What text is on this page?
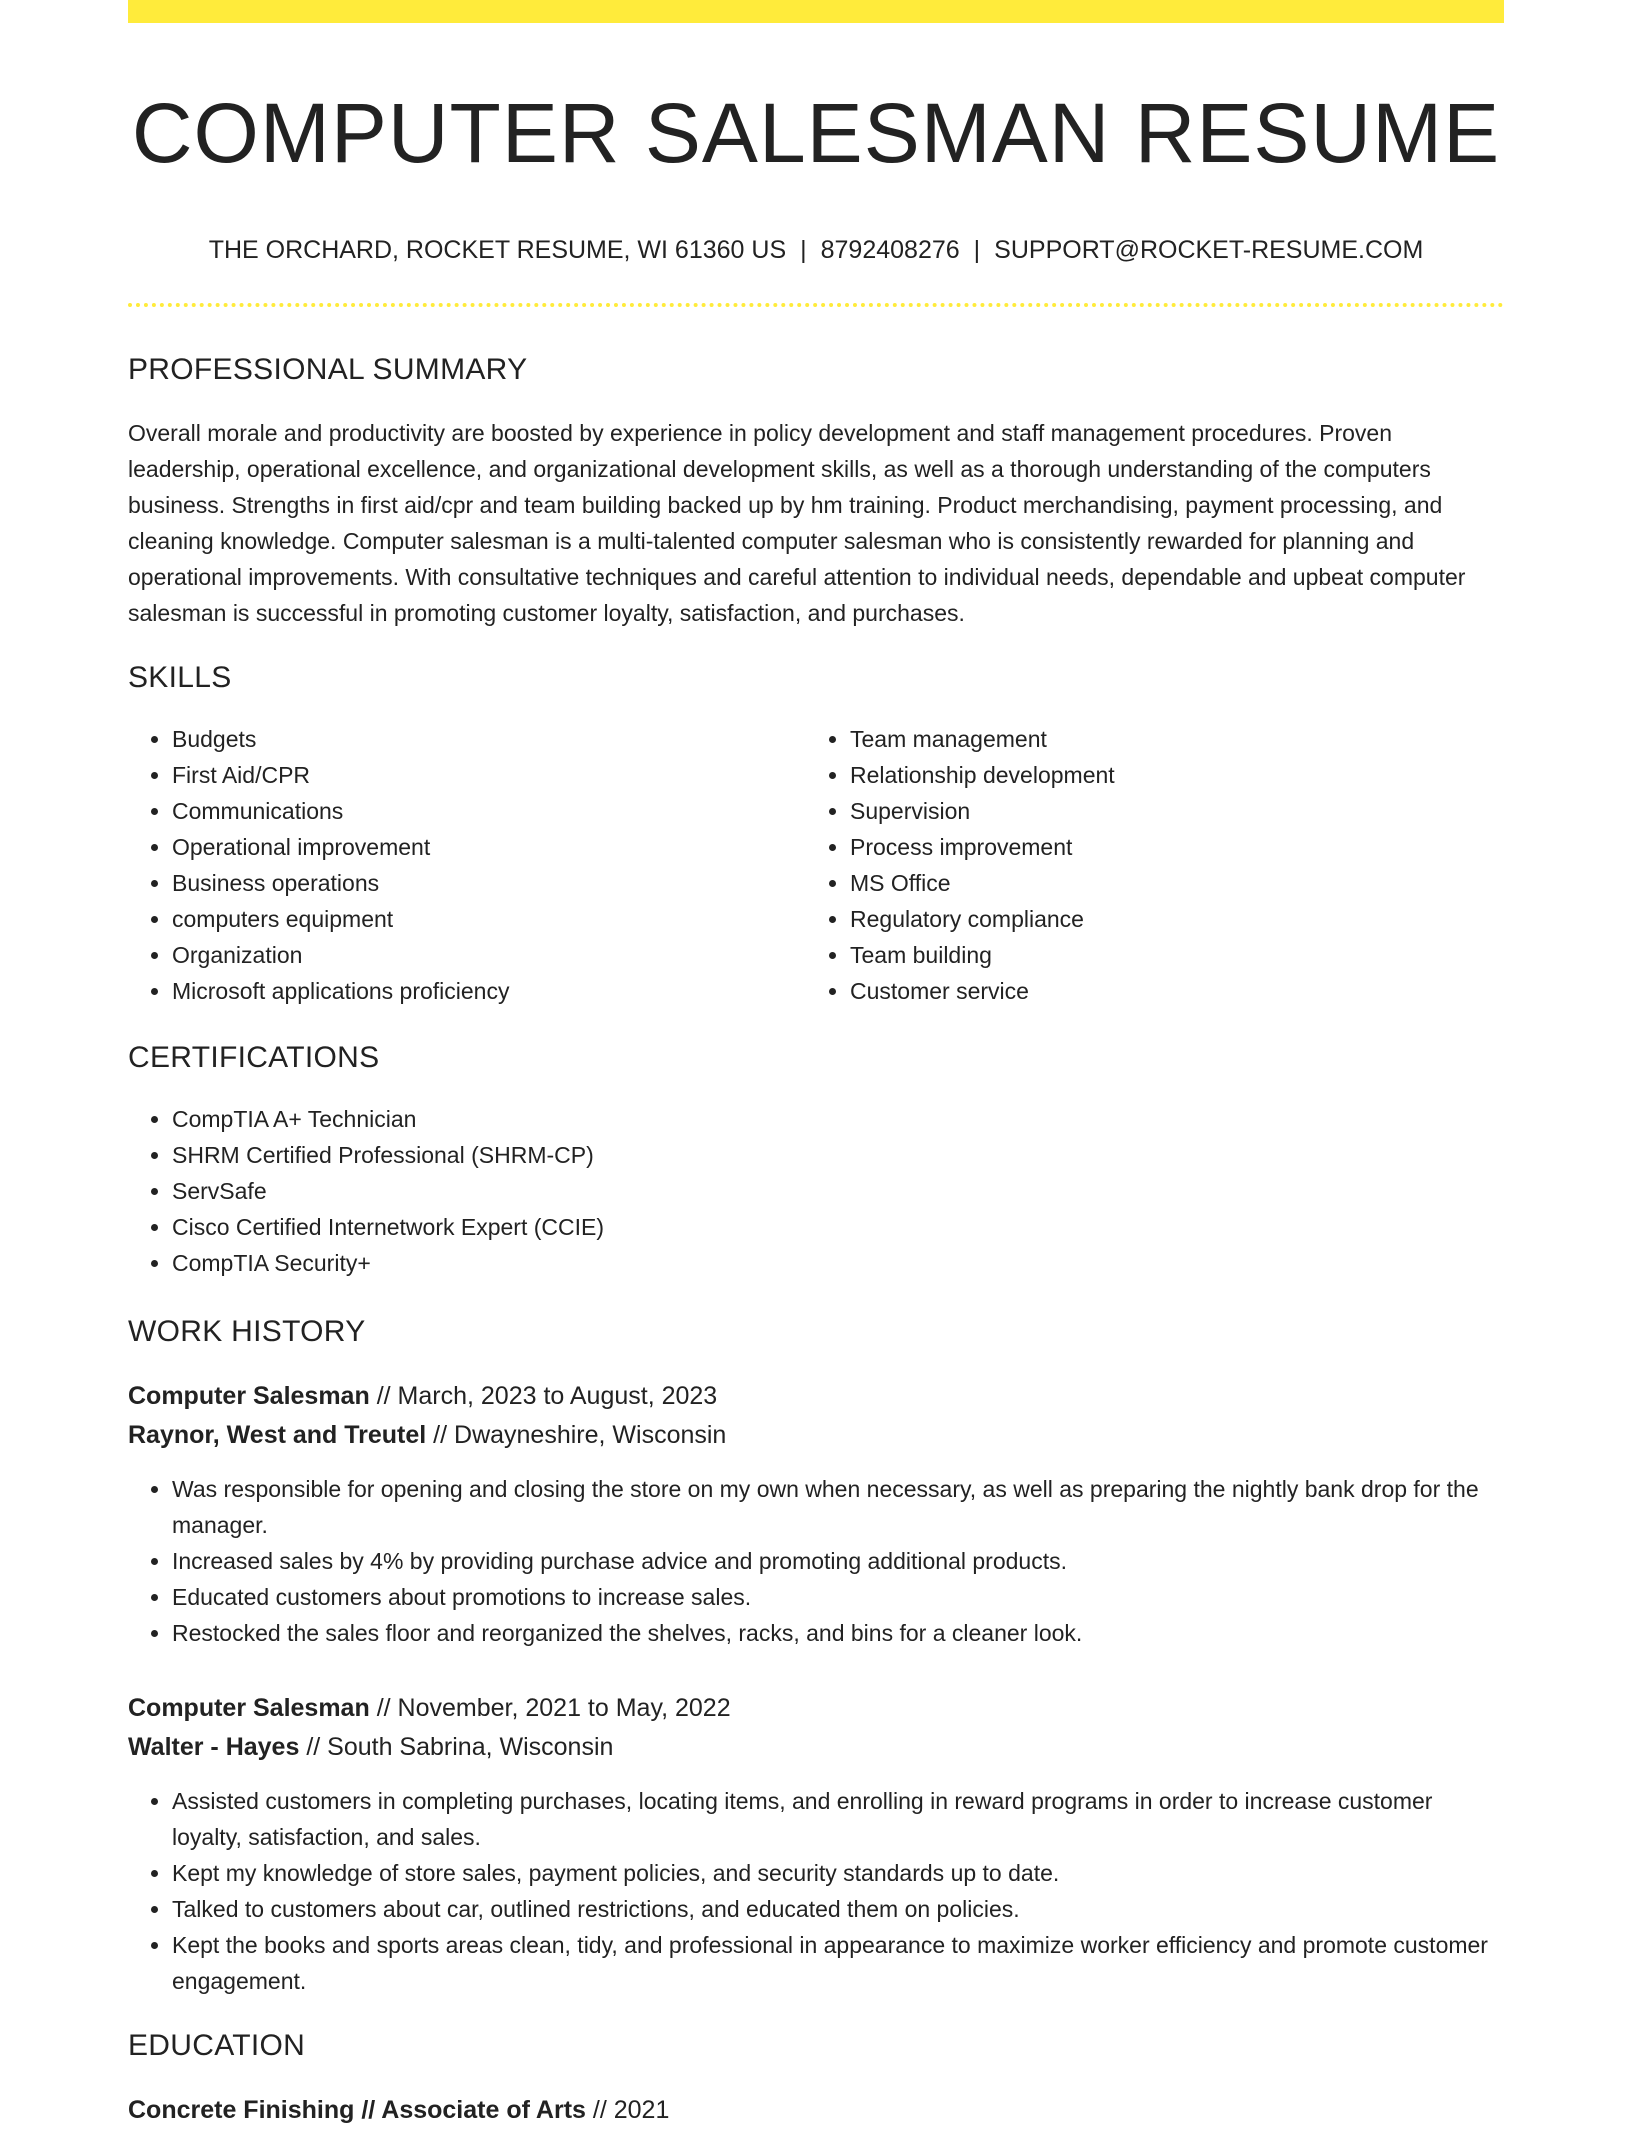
COMPUTER SALESMAN RESUME
THE ORCHARD, ROCKET RESUME, WI 61360 US | 8792408276 | SUPPORT@ROCKET-RESUME.COM
PROFESSIONAL SUMMARY

Overall morale and productivity are boosted by experience in policy development and staff management procedures. Proven leadership, operational excellence, and organizational development skills, as well as a thorough understanding of the computers business. Strengths in first aid/cpr and team building backed up by hm training. Product merchandising, payment processing, and cleaning knowledge. Computer salesman is a multi-talented computer salesman who is consistently rewarded for planning and operational improvements. With consultative techniques and careful attention to individual needs, dependable and upbeat computer salesman is successful in promoting customer loyalty, satisfaction, and purchases.

SKILLS
• Budgets
• First Aid/CPR
• Communications
• Operational improvement
• Business operations
• computers equipment
• Organization
• Microsoft applications proficiency
• Team management
• Relationship development
• Supervision
• Process improvement
• MS Office
• Regulatory compliance
• Team building
• Customer service
CERTIFICATIONS
• CompTIA A+ Technician
• SHRM Certified Professional (SHRM-CP)
• ServSafe
• Cisco Certified Internetwork Expert (CCIE)
• CompTIA Security+
WORK HISTORY
Computer Salesman // March, 2023 to August, 2023
Raynor, West and Treutel // Dwayneshire, Wisconsin
• Was responsible for opening and closing the store on my own when necessary, as well as preparing the nightly bank drop for the manager.
• Increased sales by 4% by providing purchase advice and promoting additional products.
• Educated customers about promotions to increase sales.
• Restocked the sales floor and reorganized the shelves, racks, and bins for a cleaner look.
Computer Salesman // November, 2021 to May, 2022
Walter - Hayes // South Sabrina, Wisconsin
• Assisted customers in completing purchases, locating items, and enrolling in reward programs in order to increase customer loyalty, satisfaction, and sales.
• Kept my knowledge of store sales, payment policies, and security standards up to date.
• Talked to customers about car, outlined restrictions, and educated them on policies.
• Kept the books and sports areas clean, tidy, and professional in appearance to maximize worker efficiency and promote customer engagement.
EDUCATION
Concrete Finishing // Associate of Arts // 2021
